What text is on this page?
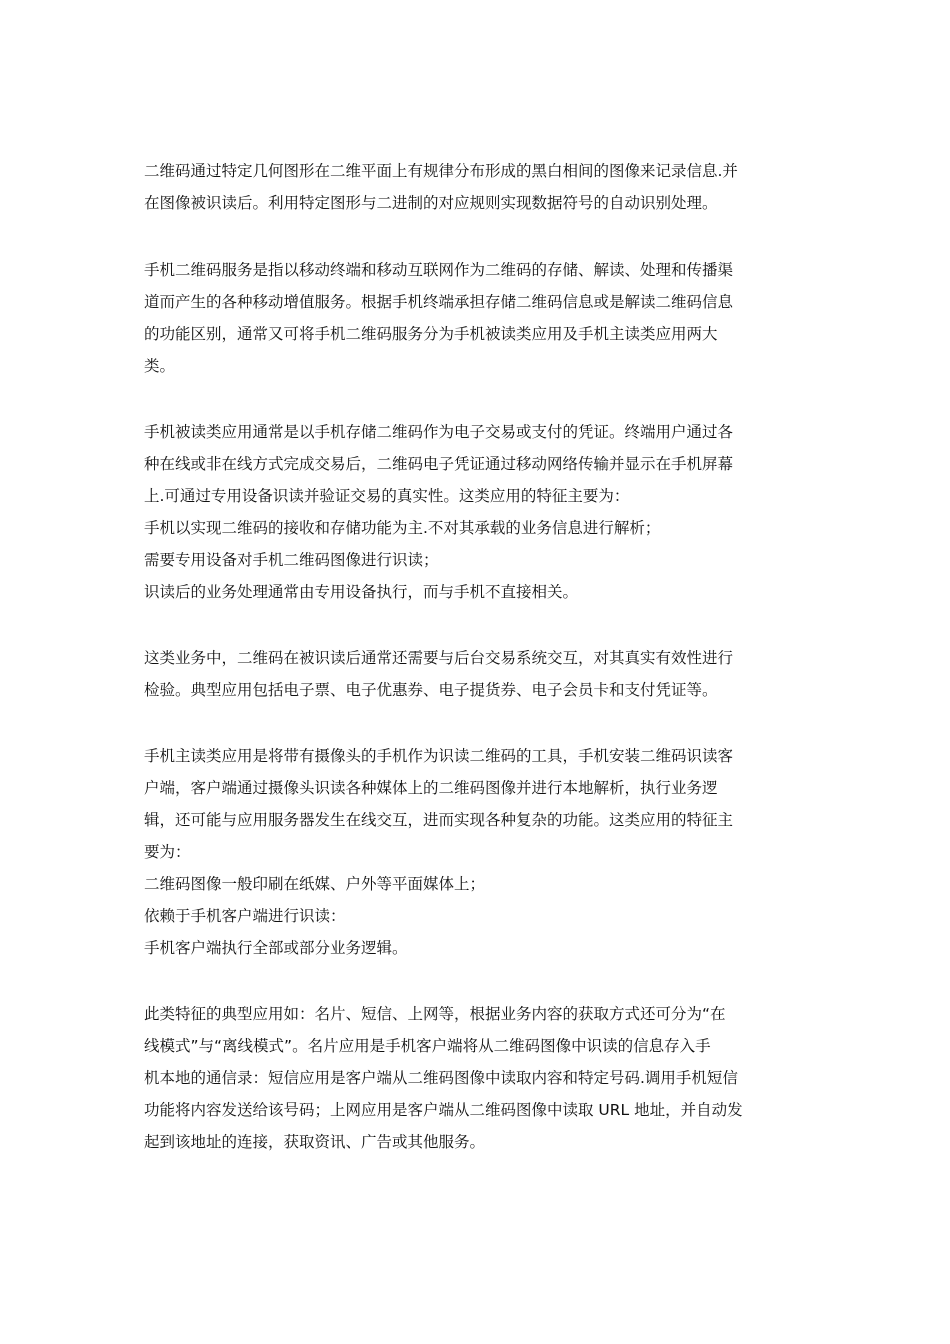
二维码通过特定几何图形在二维平面上有规律分布形成的黑白相间的图像来记录信息.并
在图像被识读后。利用特定图形与二进制的对应规则实现数据符号的自动识别处理。
手机二维码服务是指以移动终端和移动互联网作为二维码的存储、解读、处理和传播渠
道而产生的各种移动增值服务。根据手机终端承担存储二维码信息或是解读二维码信息
的功能区别，通常又可将手机二维码服务分为手机被读类应用及手机主读类应用两大
类。
手机被读类应用通常是以手机存储二维码作为电子交易或支付的凭证。终端用户通过各
种在线或非在线方式完成交易后，二维码电子凭证通过移动网络传输并显示在手机屏幕
上.可通过专用设备识读并验证交易的真实性。这类应用的特征主要为：
手机以实现二维码的接收和存储功能为主.不对其承载的业务信息进行解析；
需要专用设备对手机二维码图像进行识读；
识读后的业务处理通常由专用设备执行，而与手机不直接相关。
这类业务中，二维码在被识读后通常还需要与后台交易系统交互，对其真实有效性进行
检验。典型应用包括电子票、电子优惠券、电子提货券、电子会员卡和支付凭证等。
手机主读类应用是将带有摄像头的手机作为识读二维码的工具，手机安装二维码识读客
户端，客户端通过摄像头识读各种媒体上的二维码图像并进行本地解析，执行业务逻
辑，还可能与应用服务器发生在线交互，进而实现各种复杂的功能。这类应用的特征主
要为：
二维码图像一般印刷在纸媒、户外等平面媒体上；
依赖于手机客户端进行识读：
手机客户端执行全部或部分业务逻辑。
此类特征的典型应用如：名片、短信、上网等，根据业务内容的获取方式还可分为“在
线模式”与“离线模式”。名片应用是手机客户端将从二维码图像中识读的信息存入手
机本地的通信录：短信应用是客户端从二维码图像中读取内容和特定号码.调用手机短信
功能将内容发送给该号码；上网应用是客户端从二维码图像中读取 URL 地址，并自动发
起到该地址的连接，获取资讯、广告或其他服务。
